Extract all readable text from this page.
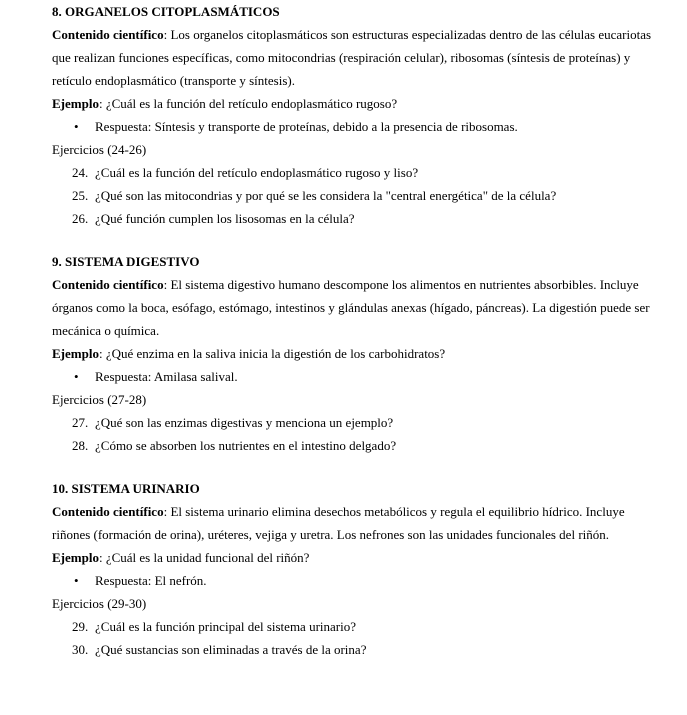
8. ORGANELOS CITOPLASMÁTICOS
Contenido científico: Los organelos citoplasmáticos son estructuras especializadas dentro de las células eucariotas
que realizan funciones específicas, como mitocondrias (respiración celular), ribosomas (síntesis de proteínas) y
retículo endoplasmático (transporte y síntesis).
Ejemplo: ¿Cuál es la función del retículo endoplasmático rugoso?
• Respuesta: Síntesis y transporte de proteínas, debido a la presencia de ribosomas.
Ejercicios (24-26)
24. ¿Cuál es la función del retículo endoplasmático rugoso y liso?
25. ¿Qué son las mitocondrias y por qué se les considera la "central energética" de la célula?
26. ¿Qué función cumplen los lisosomas en la célula?
9. SISTEMA DIGESTIVO
Contenido científico: El sistema digestivo humano descompone los alimentos en nutrientes absorbibles. Incluye
órganos como la boca, esófago, estómago, intestinos y glándulas anexas (hígado, páncreas). La digestión puede ser
mecánica o química.
Ejemplo: ¿Qué enzima en la saliva inicia la digestión de los carbohidratos?
• Respuesta: Amilasa salival.
Ejercicios (27-28)
27. ¿Qué son las enzimas digestivas y menciona un ejemplo?
28. ¿Cómo se absorben los nutrientes en el intestino delgado?
10. SISTEMA URINARIO
Contenido científico: El sistema urinario elimina desechos metabólicos y regula el equilibrio hídrico. Incluye
riñones (formación de orina), uréteres, vejiga y uretra. Los nefrones son las unidades funcionales del riñón.
Ejemplo: ¿Cuál es la unidad funcional del riñón?
• Respuesta: El nefrón.
Ejercicios (29-30)
29. ¿Cuál es la función principal del sistema urinario?
30. ¿Qué sustancias son eliminadas a través de la orina?
